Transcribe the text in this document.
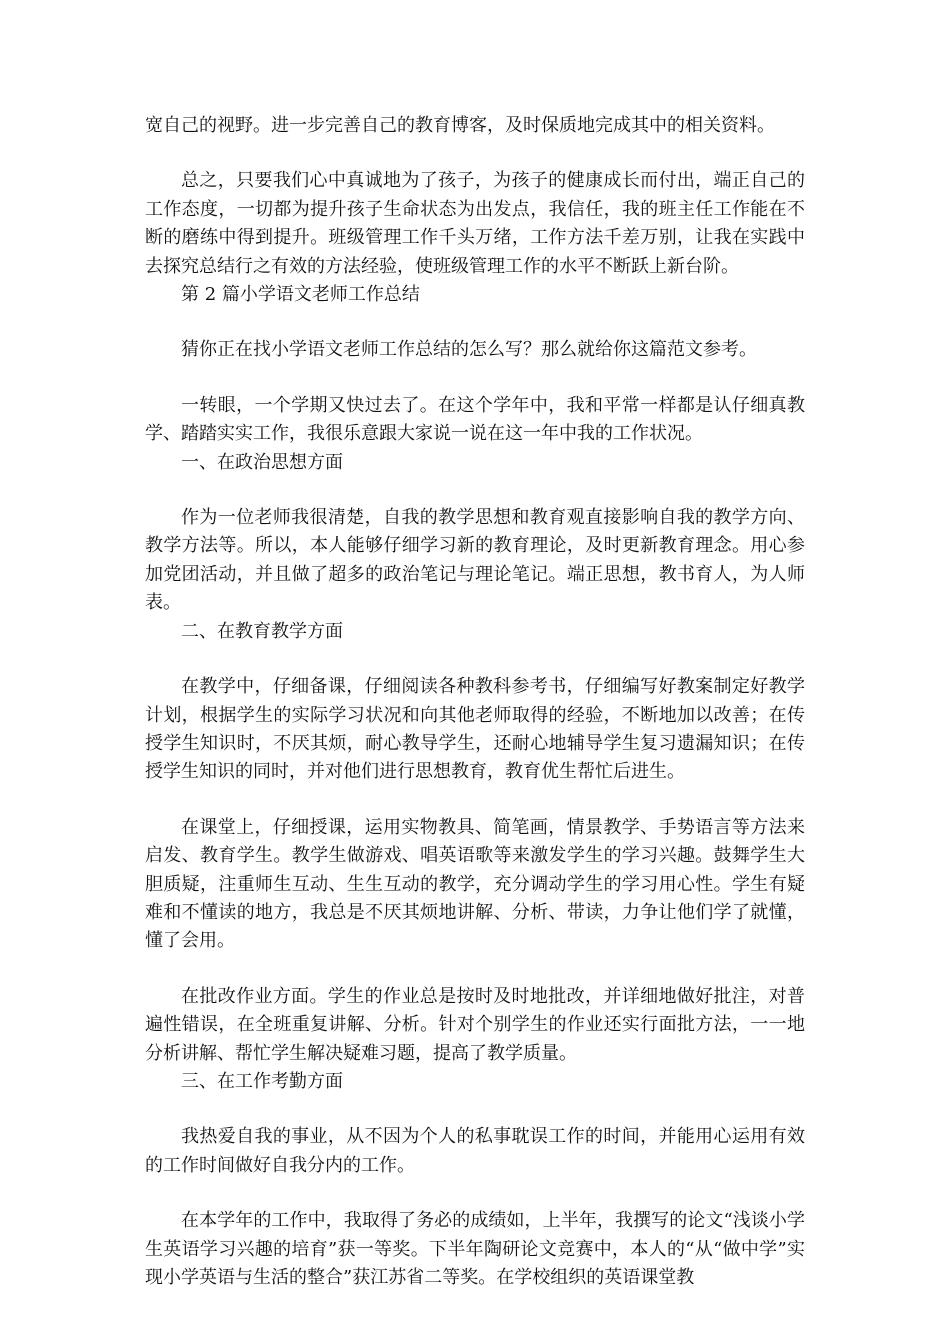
宽自己的视野。进一步完善自己的教育博客，及时保质地完成其中的相关资料。

总之，只要我们心中真诚地为了孩子，为孩子的健康成长而付出，端正自己的工作态度，一切都为提升孩子生命状态为出发点，我信任，我的班主任工作能在不断的磨练中得到提升。班级管理工作千头万绪，工作方法千差万别，让我在实践中去探究总结行之有效的方法经验，使班级管理工作的水平不断跃上新台阶。

第 2 篇小学语文老师工作总结

猜你正在找小学语文老师工作总结的怎么写？那么就给你这篇范文参考。

一转眼，一个学期又快过去了。在这个学年中，我和平常一样都是认仔细真教学、踏踏实实工作，我很乐意跟大家说一说在这一年中我的工作状况。

一、在政治思想方面

作为一位老师我很清楚，自我的教学思想和教育观直接影响自我的教学方向、教学方法等。所以，本人能够仔细学习新的教育理论，及时更新教育理念。用心参加党团活动，并且做了超多的政治笔记与理论笔记。端正思想，教书育人，为人师表。

二、在教育教学方面

在教学中，仔细备课，仔细阅读各种教科参考书，仔细编写好教案制定好教学计划，根据学生的实际学习状况和向其他老师取得的经验，不断地加以改善；在传授学生知识时，不厌其烦，耐心教导学生，还耐心地辅导学生复习遗漏知识；在传授学生知识的同时，并对他们进行思想教育，教育优生帮忙后进生。

在课堂上，仔细授课，运用实物教具、简笔画，情景教学、手势语言等方法来启发、教育学生。教学生做游戏、唱英语歌等来激发学生的学习兴趣。鼓舞学生大胆质疑，注重师生互动、生生互动的教学，充分调动学生的学习用心性。学生有疑难和不懂读的地方，我总是不厌其烦地讲解、分析、带读，力争让他们学了就懂，懂了会用。

在批改作业方面。学生的作业总是按时及时地批改，并详细地做好批注，对普遍性错误，在全班重复讲解、分析。针对个别学生的作业还实行面批方法，一一地分析讲解、帮忙学生解决疑难习题，提高了教学质量。

三、在工作考勤方面

我热爱自我的事业，从不因为个人的私事耽误工作的时间，并能用心运用有效的工作时间做好自我分内的工作。

在本学年的工作中，我取得了务必的成绩如，上半年，我撰写的论文“浅谈小学生英语学习兴趣的培育”获一等奖。下半年陶研论文竞赛中，本人的“从“做中学”实现小学英语与生活的整合”获江苏省二等奖。在学校组织的英语课堂教
